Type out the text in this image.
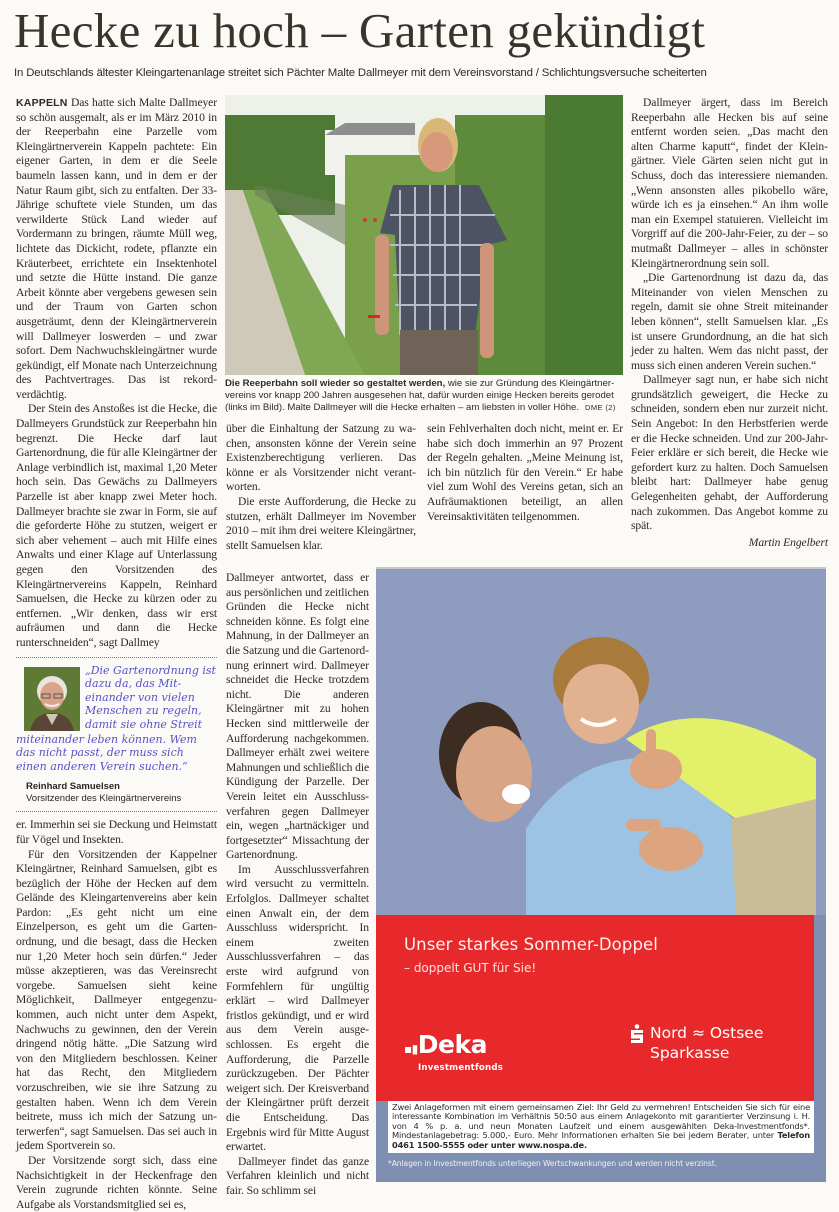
Hecke zu hoch – Garten gekündigt
In Deutschlands ältester Kleingartenanlage streitet sich Pächter Malte Dallmeyer mit dem Vereinsvorstand / Schlichtungsversuche scheiterten

KAPPELN Das hatte sich Malte Dallmeyer so schön ausgemalt, als er im März 2010 in der Reeperbahn eine Parzelle vom Kleingärtnerverein Kappeln pachtete: Ein eigener Garten, in dem er die Seele baumeln lassen kann, und in dem er der Natur Raum gibt, sich zu entfalten. Der 33-Jährige schuftete viele Stunden, um das verwilderte Stück Land wieder auf Vordermann zu bringen, räumte Müll weg, lichtete das Dickicht, rodete, pflanzte ein Kräuterbeet, errichtete ein Insektenhotel und setzte die Hütte instand. Die ganze Arbeit könnte aber vergebens gewesen sein und der Traum von Garten schon ausgeträumt, denn der Kleingärtnerverein will Dallmeyer loswerden – und zwar sofort. Dem Nachwuchskleingärtner wurde gekündigt, elf Monate nach Unterzeichnung des Pachtvertrages. Das ist rekordverdächtig.

Der Stein des Anstoßes ist die Hecke, die Dallmeyers Grundstück zur Reeperbahn hin begrenzt. Die Hecke darf laut Gartenordnung, die für alle Kleingärtner der Anlage verbindlich ist, maximal 1,20 Meter hoch sein. Das Gewächs zu Dallmeyers Parzelle ist aber knapp zwei Meter hoch. Dallmeyer brachte sie zwar in Form, sie auf die geforderte Höhe zu stutzen, weigert er sich aber vehement – auch mit Hilfe eines Anwalts und einer Klage auf Unterlassung gegen den Vorsitzenden des Kleingärtnervereins Kappeln, Reinhard Samuelsen, die Hecke zu kürzen oder zu entfernen. „Wir denken, dass wir erst aufräumen und dann die Hecke runterschneiden“, sagt Dallmey

„Die Gartenordnung ist dazu da, das Miteinander von vielen Menschen zu regeln, damit sie ohne Streit
miteinander leben können. Wem das nicht passt, der muss sich einen anderen Verein suchen.“
Reinhard Samuelsen
Vorsitzender des Kleingärtnervereins

er. Immerhin sei sie Deckung und Heimstatt für Vögel und Insekten.

Für den Vorsitzenden der Kappelner Kleingärtner, Reinhard Samuelsen, gibt es bezüglich der Höhe der Hecken auf dem Gelände des Kleingartenvereins aber kein Pardon: „Es geht nicht um eine Einzelperson, es geht um die Gartenordnung, und die besagt, dass die Hecken nur 1,20 Meter hoch sein dürfen.“ Jeder müsse akzeptieren, was das Vereinsrecht vorgebe. Samuelsen sieht keine Möglichkeit, Dallmeyer entgegenzukommen, auch nicht unter dem Aspekt, Nachwuchs zu gewinnen, den der Verein dringend nötig hätte. „Die Satzung wird von den Mitgliedern beschlossen. Keiner hat das Recht, den Mitgliedern vorzuschreiben, wie sie ihre Satzung zu gestalten haben. Wenn ich dem Verein beitrete, muss ich mich der Satzung unterwerfen“, sagt Samuelsen. Das sei auch in jedem Sportverein so.

Der Vorsitzende sorgt sich, dass eine Nachsichtigkeit in der Heckenfrage den Verein zugrunde richten könnte. Seine Aufgabe als Vorstandsmitglied sei es,

Die Reeperbahn soll wieder so gestaltet werden, wie sie zur Gründung des Kleingärtnervereins vor knapp 200 Jahren ausgesehen hat, dafür wurden einige Hecken bereits gerodet (links im Bild). Malte Dallmeyer will die Hecke erhalten – am liebsten in voller Höhe. DME (2)

über die Einhaltung der Satzung zu wachen, ansonsten könne der Verein seine Existenzberechtigung verlieren. Das könne er als Vorsitzender nicht verantworten.

Die erste Aufforderung, die Hecke zu stutzen, erhält Dallmeyer im November 2010 – mit ihm drei weitere Kleingärtner, stellt Samuelsen klar.

Dallmeyer antwortet, dass er aus persönlichen und zeitlichen Gründen die Hecke nicht schneiden könne. Es folgt eine Mahnung, in der Dallmeyer an die Satzung und die Gartenordnung erinnert wird. Dallmeyer schneidet die Hecke trotzdem nicht. Die anderen Kleingärtner mit zu hohen Hecken sind mittlerweile der Aufforderung nachgekommen. Dallmeyer erhält zwei weitere Mahnungen und schließlich die Kündigung der Parzelle. Der Verein leitet ein Ausschlussverfahren gegen Dallmeyer ein, wegen „hartnäckiger und fortgesetzter“ Missachtung der Gartenordnung.

Im Ausschlussverfahren wird versucht zu vermitteln. Erfolglos. Dallmeyer schaltet einen Anwalt ein, der dem Ausschluss widerspricht. In einem zweiten Ausschlussverfahren – das erste wird aufgrund von Formfehlern für ungültig erklärt – wird Dallmeyer fristlos gekündigt, und er wird aus dem Verein ausgeschlossen. Es ergeht die Aufforderung, die Parzelle zurückzugeben. Der Pächter weigert sich. Der Kreisverband der Kleingärtner prüft derzeit die Entscheidung. Das Ergebnis wird für Mitte August erwartet.

Dallmeyer findet das ganze Verfahren kleinlich und nicht fair. So schlimm sei

sein Fehlverhalten doch nicht, meint er. Er habe sich doch immerhin an 97 Prozent der Regeln gehalten. „Meine Meinung ist, ich bin nützlich für den Verein.“ Er habe viel zum Wohl des Vereins getan, sich an Aufräumaktionen beteiligt, an allen Vereinsaktivitäten teilgenommen.

Dallmeyer ärgert, dass im Bereich Reeperbahn alle Hecken bis auf seine entfernt worden seien. „Das macht den alten Charme kaputt“, findet der Kleingärtner. Viele Gärten seien nicht gut in Schuss, doch das interessiere niemanden. „Wenn ansonsten alles pikobello wäre, würde ich es ja einsehen.“ An ihm wolle man ein Exempel statuieren. Vielleicht im Vorgriff auf die 200-Jahr-Feier, zu der – so mutmaßt Dallmeyer – alles in schönster Kleingärtnerordnung sein soll.

„Die Gartenordnung ist dazu da, das Miteinander von vielen Menschen zu regeln, damit sie ohne Streit miteinander leben können“, stellt Samuelsen klar. „Es ist unsere Grundordnung, an die hat sich jeder zu halten. Wem das nicht passt, der muss sich einen anderen Verein suchen.“

Dallmeyer sagt nun, er habe sich nicht grundsätzlich geweigert, die Hecke zu schneiden, sondern eben nur zurzeit nicht. Sein Angebot: In den Herbstferien werde er die Hecke schneiden. Und zur 200-Jahr-Feier erkläre er sich bereit, die Hecke wie gefordert kurz zu halten. Doch Samuelsen bleibt hart: Dallmeyer habe genug Gelegenheiten gehabt, der Aufforderung nach zukommen. Das Angebot komme zu spät.

Martin Engelbert

Unser starkes Sommer-Doppel
– doppelt GUT für Sie!
▪▮Deka
Investmentfonds
Nord ≈ Ostsee
Sparkasse
Zwei Anlageformen mit einem gemeinsamen Ziel: Ihr Geld zu vermehren! Entscheiden Sie sich für eine interessante Kombination im Verhältnis 50:50 aus einem Anlagekonto mit garantierter Verzinsung i. H. von 4 % p. a. und neun Monaten Laufzeit und einem ausgewählten Deka-Investmentfonds*. Mindestanlagebetrag: 5.000,- Euro. Mehr Informationen erhalten Sie bei jedem Berater, unter Telefon 0461 1500-5555 oder unter www.nospa.de.
*Anlagen in Investmentfonds unterliegen Wertschwankungen und werden nicht verzinst.
